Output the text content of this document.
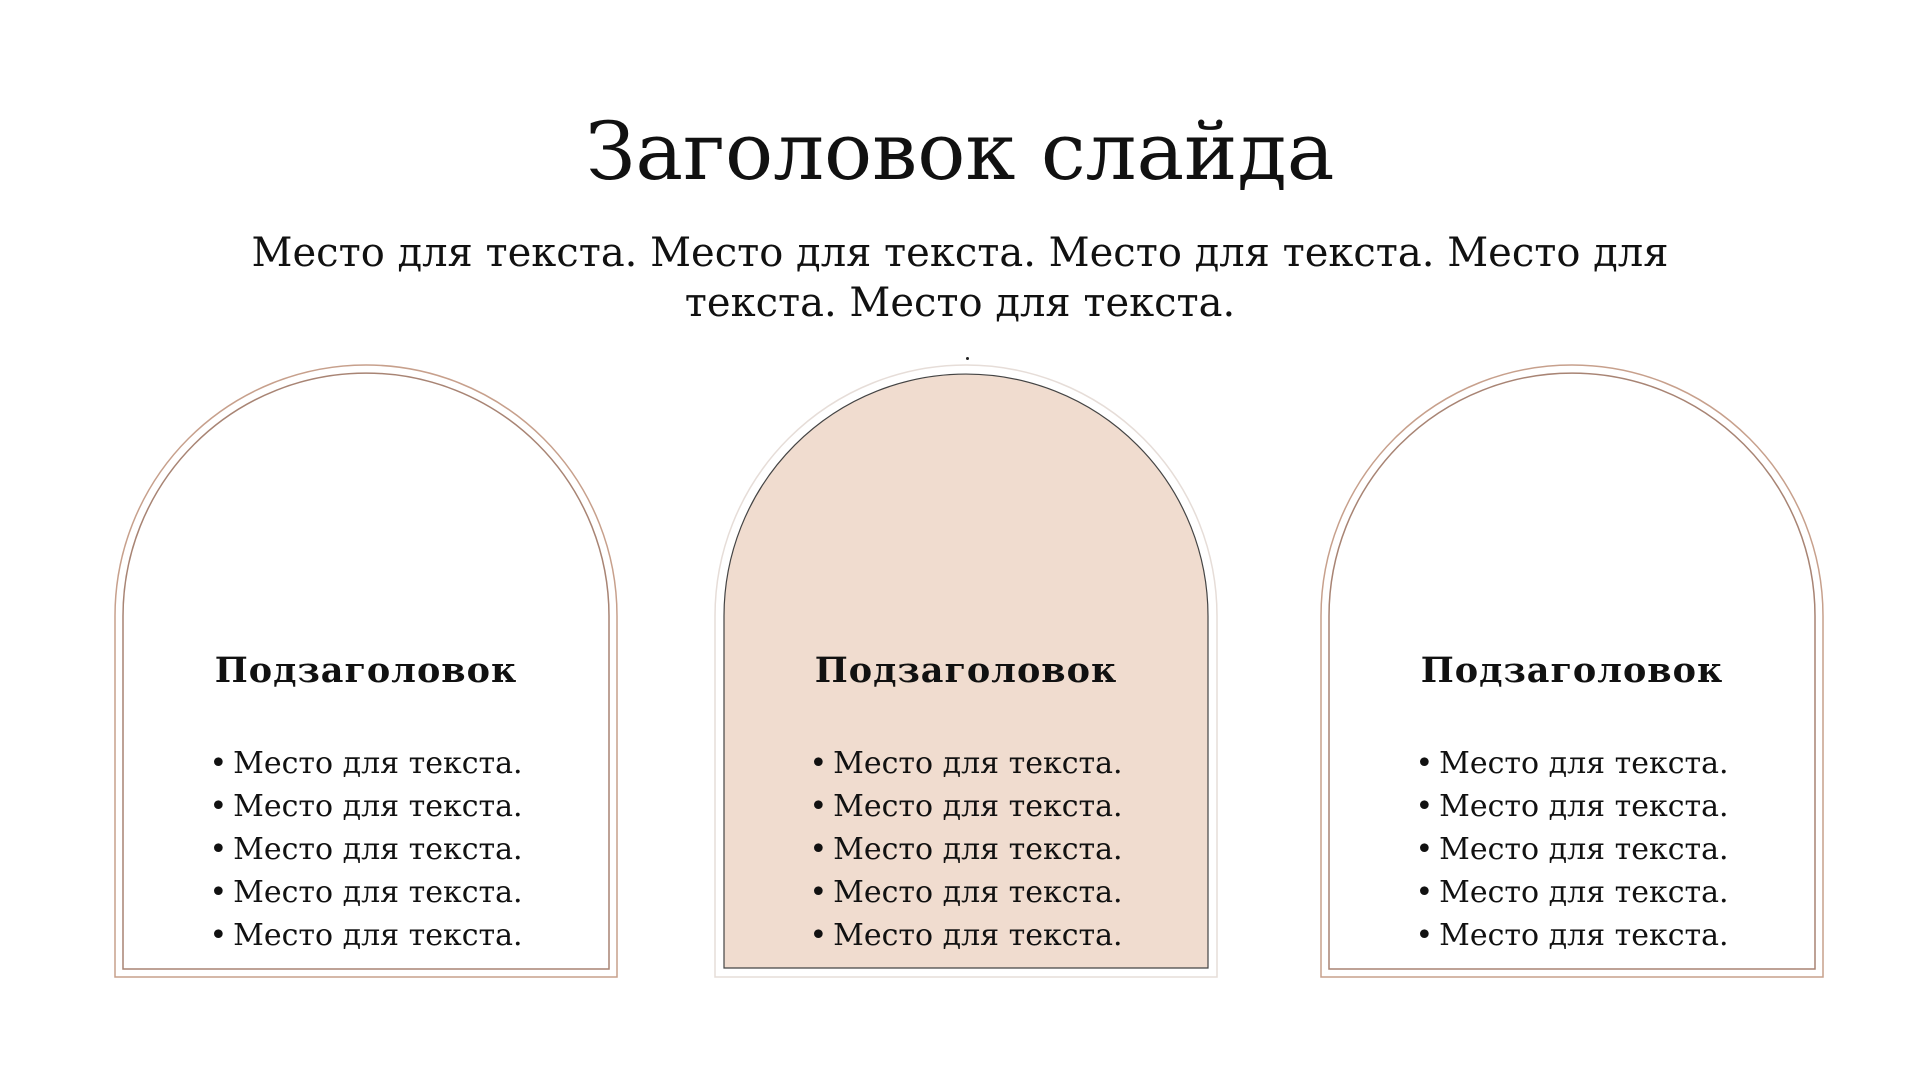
Заголовок слайда

Место для текста. Место для текста. Место для текста. Место для текста. Место для текста.

Подзаголовок
• Место для текста.
• Место для текста.
• Место для текста.
• Место для текста.
• Место для текста.
Подзаголовок
• Место для текста.
• Место для текста.
• Место для текста.
• Место для текста.
• Место для текста.
Подзаголовок
• Место для текста.
• Место для текста.
• Место для текста.
• Место для текста.
• Место для текста.
